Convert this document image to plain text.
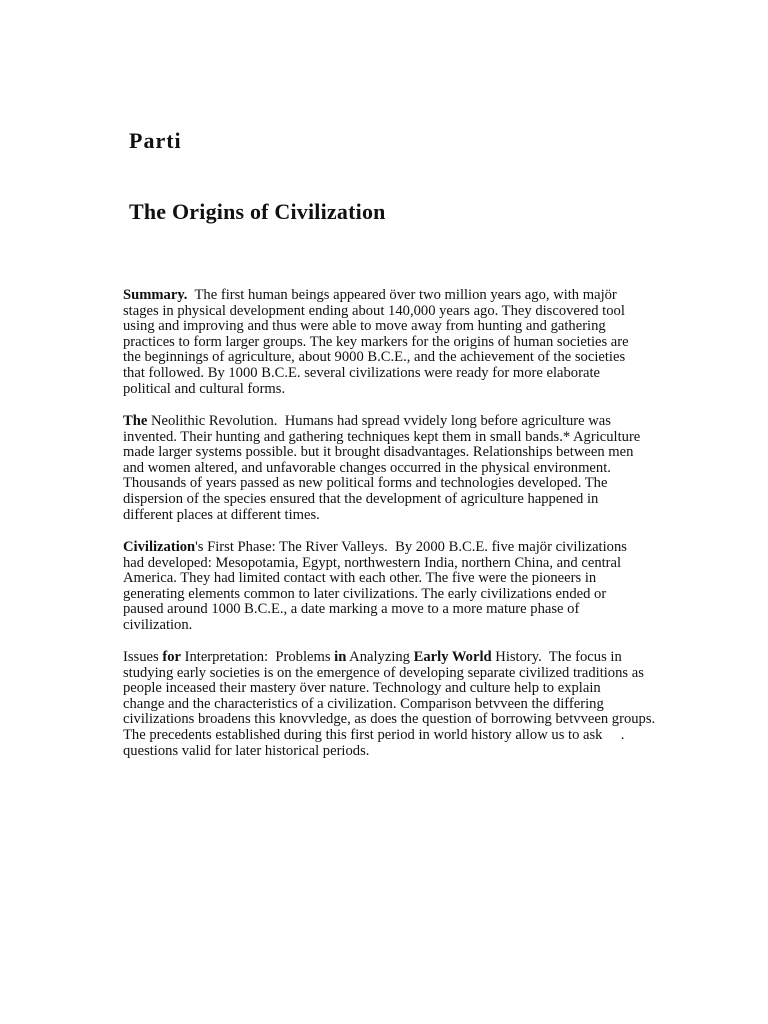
Parti
The Origins of Civilization

Summary.  The first human beings appeared över two million years ago, with majör
stages in physical development ending about 140,000 years ago. They discovered tool
using and improving and thus were able to move away from hunting and gathering
practices to form larger groups. The key markers for the origins of human societies are
the beginnings of agriculture, about 9000 B.C.E., and the achievement of the societies
that followed. By 1000 B.C.E. several civilizations were ready for more elaborate
political and cultural forms.

The Neolithic Revolution.  Humans had spread vvidely long before agriculture was
invented. Their hunting and gathering techniques kept them in small bands.* Agriculture
made larger systems possible. but it brought disadvantages. Relationships between men
and women altered, and unfavorable changes occurred in the physical environment.
Thousands of years passed as new political forms and technologies developed. The
dispersion of the species ensured that the development of agriculture happened in
different places at different times.

Civilization's First Phase: The River Valleys.  By 2000 B.C.E. five majör civilizations
had developed: Mesopotamia, Egypt, northwestern India, northern China, and central
America. They had limited contact with each other. The five were the pioneers in
generating elements common to later civilizations. The early civilizations ended or
paused around 1000 B.C.E., a date marking a move to a more mature phase of
civilization.

Issues for Interpretation:  Problems in Analyzing Early World History.  The focus in
studying early societies is on the emergence of developing separate civilized traditions as
people inceased their mastery över nature. Technology and culture help to explain
change and the characteristics of a civilization. Comparison betvveen the differing
civilizations broadens this knovvledge, as does the question of borrowing betvveen groups.
The precedents established during this first period in world history allow us to ask     .
questions valid for later historical periods.
